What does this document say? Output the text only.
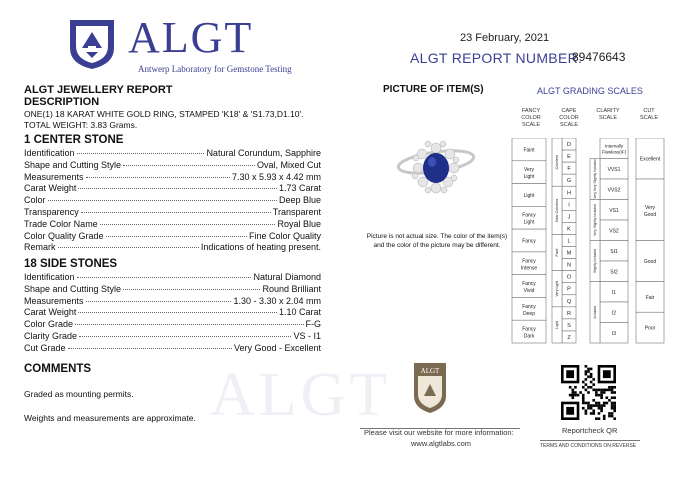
ALGT
Antwerp Laboratory for Gemstone Testing
23 February, 2021
ALGT REPORT NUMBER:
89476643
ALGT
ALGT JEWELLERY REPORT
DESCRIPTION
ONE(1) 18 KARAT WHITE GOLD RING, STAMPED 'K18' & 'S1.73,D1.10'.
TOTAL WEIGHT: 3.83 Grams.
1 CENTER STONE
Identification	Natural Corundum, Sapphire
Shape and Cutting Style	Oval, Mixed Cut
Measurements	7.30 x 5.93 x 4.42 mm
Carat Weight	1.73 Carat
Color	Deep Blue
Transparency	Transparent
Trade Color Name	Royal Blue
Color Quality Grade	Fine Color Quality
Remark	Indications of heating present.
18 SIDE STONES
Identification	Natural Diamond
Shape and Cutting Style	Round Brilliant
Measurements	1.30 - 3.30 x 2.04 mm
Carat Weight	1.10 Carat
Color Grade	F-G
Clarity Grade	VS - I1
Cut Grade	Very Good - Excellent
COMMENTS
Graded as mounting permits.
Weights and measurements are approximate.
PICTURE OF ITEM(S)
Picture is not actual size. The color of the item(s) and the color of the picture may be different.
ALGT GRADING SCALES
FANCY COLOR SCALE
CAPE COLOR SCALE
CLARITY SCALE
CUT SCALE
Faint
Very
Light
Light
Fancy
Light
Fancy
Fancy
Intense
Fancy
Vivid
Fancy
Deep
Fancy
Dark
D
E
F
G
H
I
J
K
L
M
N
O
P
Q
R
S
Z
Colorless
Near Colorless
Faint
Very Light
Light
Internally
Flawless(IF)
VVS1
VVS2
VS1
VS2
SI1
SI2
I1
I2
I3
Very Very Slightly Included
Very Slightly Included
Slightly Included
Included
Excellent
Very
Good
Good
Fair
Poor
ALGT
Please visit our website for more information:
www.algtlabs.com
Reportcheck QR
TERMS AND CONDITIONS ON REVERSE
